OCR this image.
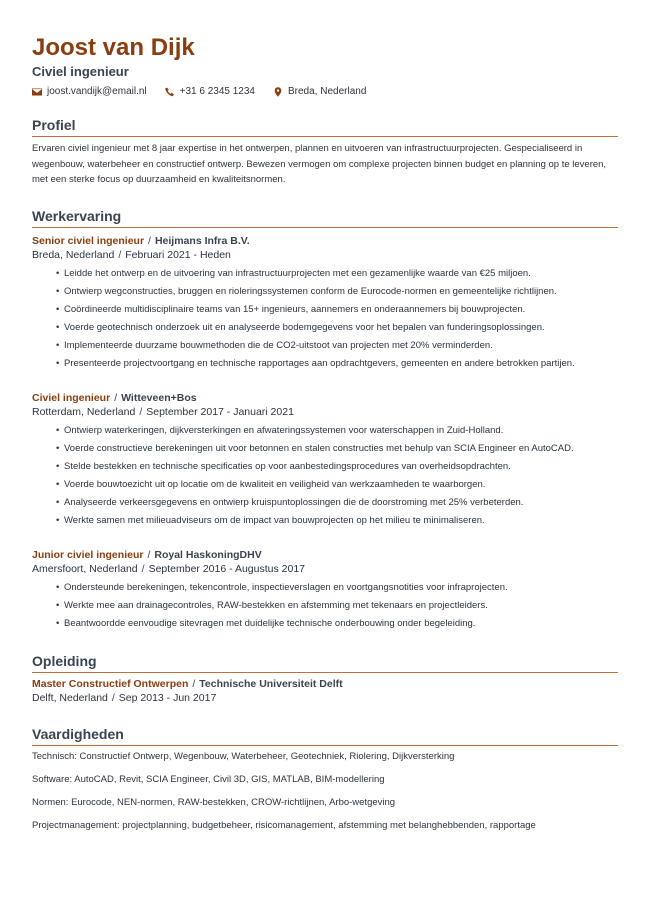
Joost van Dijk
Civiel ingenieur
joost.vandijk@email.nl	+31 6 2345 1234	Breda, Nederland
Profiel

Ervaren civiel ingenieur met 8 jaar expertise in het ontwerpen, plannen en uitvoeren van infrastructuurprojecten. Gespecialiseerd in wegenbouw, waterbeheer en constructief ontwerp. Bewezen vermogen om complexe projecten binnen budget en planning op te leveren, met een sterke focus op duurzaamheid en kwaliteitsnormen.

Werkervaring
Senior civiel ingenieur / Heijmans Infra B.V.
Breda, Nederland / Februari 2021 - Heden
• Leidde het ontwerp en de uitvoering van infrastructuurprojecten met een gezamenlijke waarde van €25 miljoen.
• Ontwierp wegconstructies, bruggen en rioleringssystemen conform de Eurocode-normen en gemeentelijke richtlijnen.
• Coördineerde multidisciplinaire teams van 15+ ingenieurs, aannemers en onderaannemers bij bouwprojecten.
• Voerde geotechnisch onderzoek uit en analyseerde bodemgegevens voor het bepalen van funderingsoplossingen.
• Implementeerde duurzame bouwmethoden die de CO2-uitstoot van projecten met 20% verminderden.
• Presenteerde projectvoortgang en technische rapportages aan opdrachtgevers, gemeenten en andere betrokken partijen.
Civiel ingenieur / Witteveen+Bos
Rotterdam, Nederland / September 2017 - Januari 2021
• Ontwierp waterkeringen, dijkversterkingen en afwateringssystemen voor waterschappen in Zuid-Holland.
• Voerde constructieve berekeningen uit voor betonnen en stalen constructies met behulp van SCIA Engineer en AutoCAD.
• Stelde bestekken en technische specificaties op voor aanbestedingsprocedures van overheidsopdrachten.
• Voerde bouwtoezicht uit op locatie om de kwaliteit en veiligheid van werkzaamheden te waarborgen.
• Analyseerde verkeersgegevens en ontwierp kruispuntoplossingen die de doorstroming met 25% verbeterden.
• Werkte samen met milieuadviseurs om de impact van bouwprojecten op het milieu te minimaliseren.
Junior civiel ingenieur / Royal HaskoningDHV
Amersfoort, Nederland / September 2016 - Augustus 2017
• Ondersteunde berekeningen, tekencontrole, inspectieverslagen en voortgangsnotities voor infraprojecten.
• Werkte mee aan drainagecontroles, RAW-bestekken en afstemming met tekenaars en projectleiders.
• Beantwoordde eenvoudige sitevragen met duidelijke technische onderbouwing onder begeleiding.
Opleiding
Master Constructief Ontwerpen / Technische Universiteit Delft
Delft, Nederland / Sep 2013 - Jun 2017
Vaardigheden

Technisch: Constructief Ontwerp, Wegenbouw, Waterbeheer, Geotechniek, Riolering, Dijkversterking

Software: AutoCAD, Revit, SCIA Engineer, Civil 3D, GIS, MATLAB, BIM-modellering

Normen: Eurocode, NEN-normen, RAW-bestekken, CROW-richtlijnen, Arbo-wetgeving

Projectmanagement: projectplanning, budgetbeheer, risicomanagement, afstemming met belanghebbenden, rapportage
